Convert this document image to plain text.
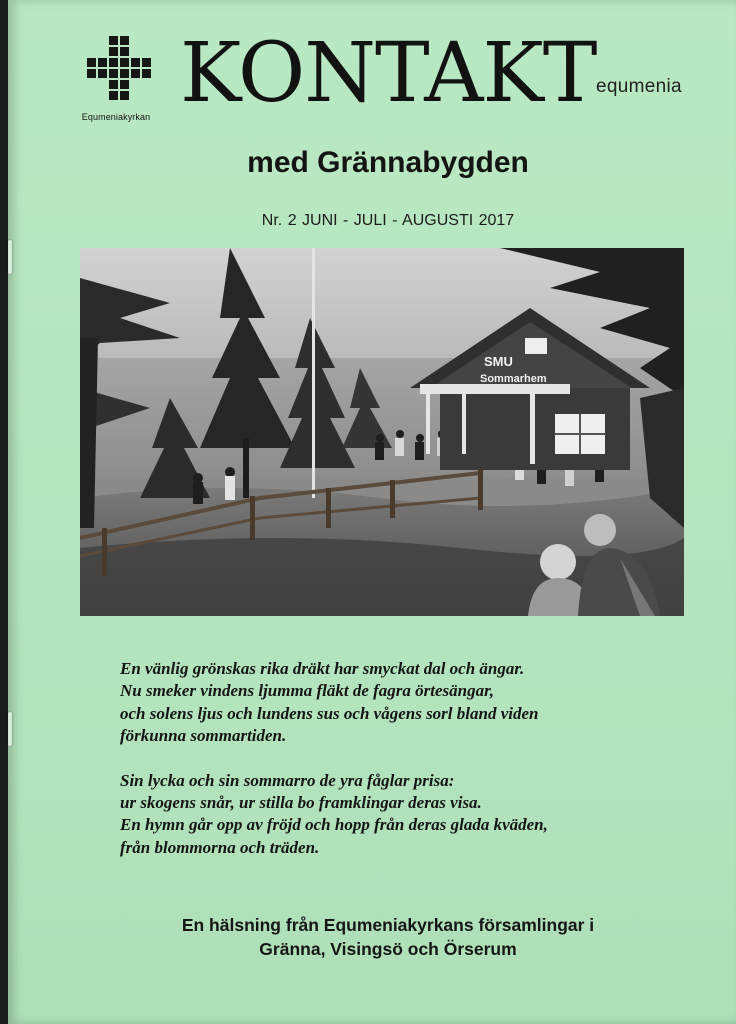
Equmeniakyrkan KONTAKT equmenia
med Grännabygden
Nr. 2 JUNI - JULI - AUGUSTI 2017
SMU
Sommarhem
En vänlig grönskas rika dräkt har smyckat dal och ängar.
Nu smeker vindens ljumma fläkt de fagra örtesängar,
och solens ljus och lundens sus och vågens sorl bland viden
förkunna sommartiden.
Sin lycka och sin sommarro de yra fåglar prisa:
ur skogens snår, ur stilla bo framklingar deras visa.
En hymn går opp av fröjd och hopp från deras glada kväden,
från blommorna och träden.
En hälsning från Equmeniakyrkans församlingar i
Gränna, Visingsö och Örserum
